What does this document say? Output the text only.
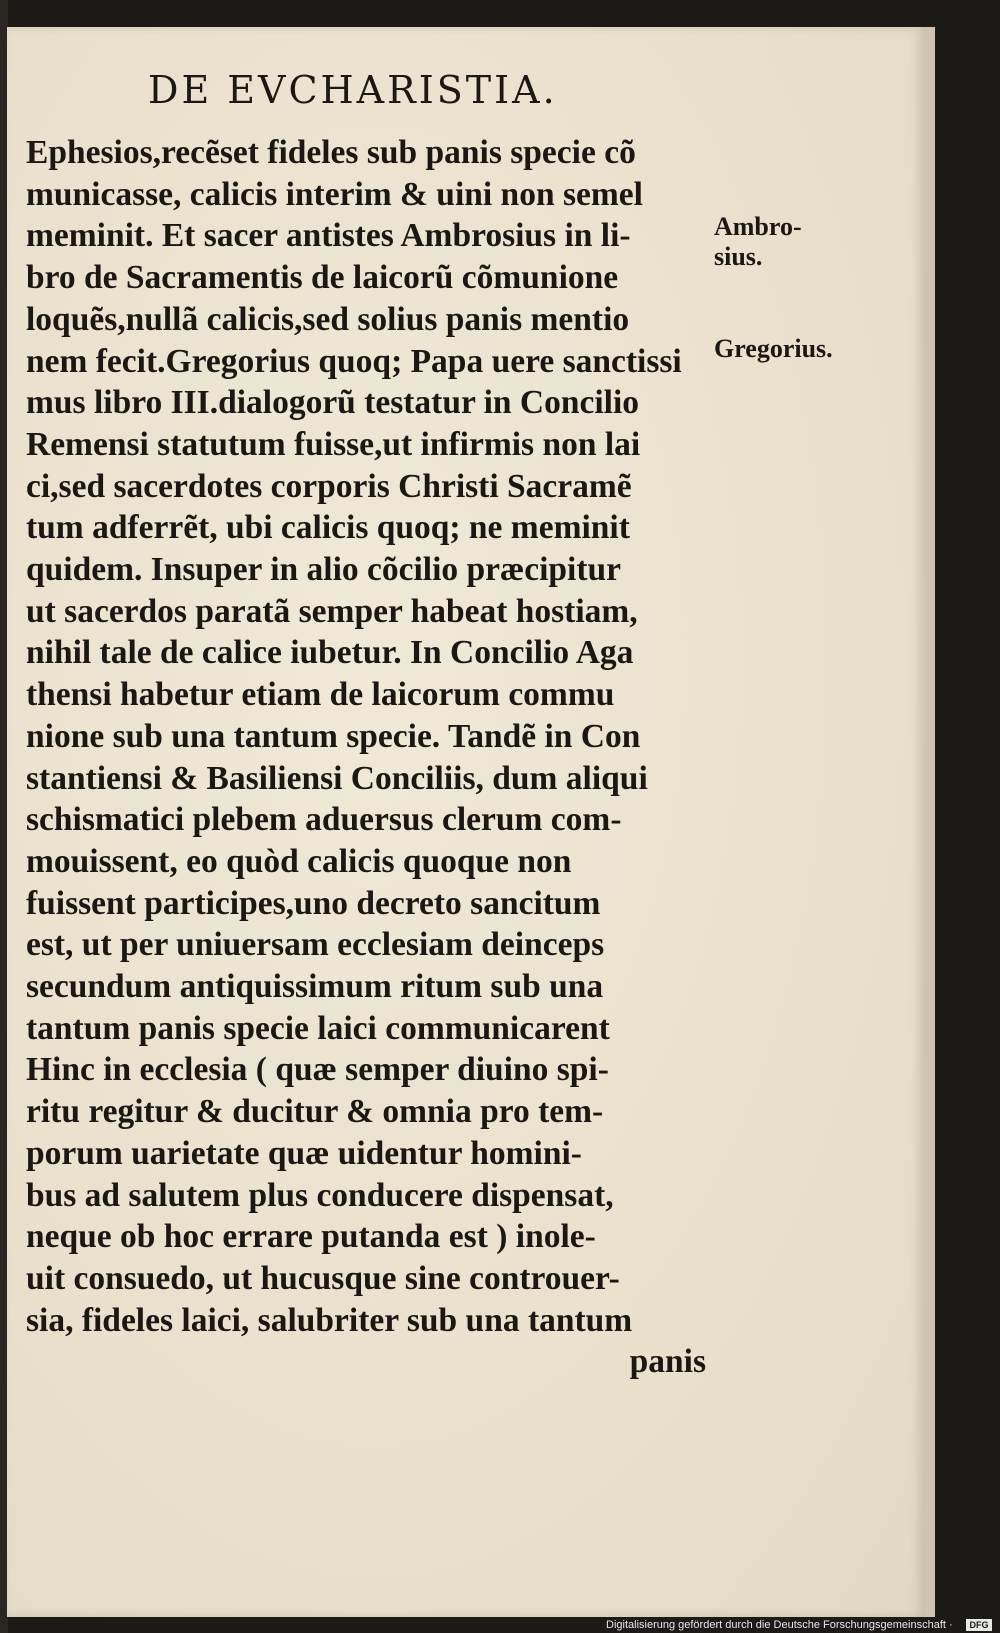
DE EVCHARISTIA.
Ephesios,recẽset fideles sub panis specie cõ
municasse, calicis interim & uini non semel
meminit. Et sacer antistes Ambrosius in li-
bro de Sacramentis de laicorũ cõmunione
loquẽs,nullã calicis,sed solius panis mentio
nem fecit.Gregorius quoq; Papa uere sanctissi
mus libro III.dialogorũ testatur in Concilio
Remensi statutum fuisse,ut infirmis non lai
ci,sed sacerdotes corporis Christi Sacramẽ
tum adferrẽt, ubi calicis quoq; ne meminit
quidem. Insuper in alio cõcilio præcipitur
ut sacerdos paratã semper habeat hostiam,
nihil tale de calice iubetur. In Concilio Aga
thensi habetur etiam de laicorum commu
nione sub una tantum specie. Tandẽ in Con
stantiensi & Basiliensi Conciliis, dum aliqui
schismatici plebem aduersus clerum com-
mouissent, eo quòd calicis quoque non
fuissent participes,uno decreto sancitum
est, ut per uniuersam ecclesiam deinceps
secundum antiquissimum ritum sub una
tantum panis specie laici communicarent
Hinc in ecclesia ( quæ semper diuino spi-
ritu regitur & ducitur & omnia pro tem-
porum uarietate quæ uidentur homini-
bus ad salutem plus conducere dispensat,
neque ob hoc errare putanda est ) inole-
uit consuedo, ut hucusque sine controuer-
sia, fideles laici, salubriter sub una tantum
panis
Ambro-
sius.
Gregorius.
Digitalisierung gefördert durch die Deutsche Forschungsgemeinschaft ·	DFG
